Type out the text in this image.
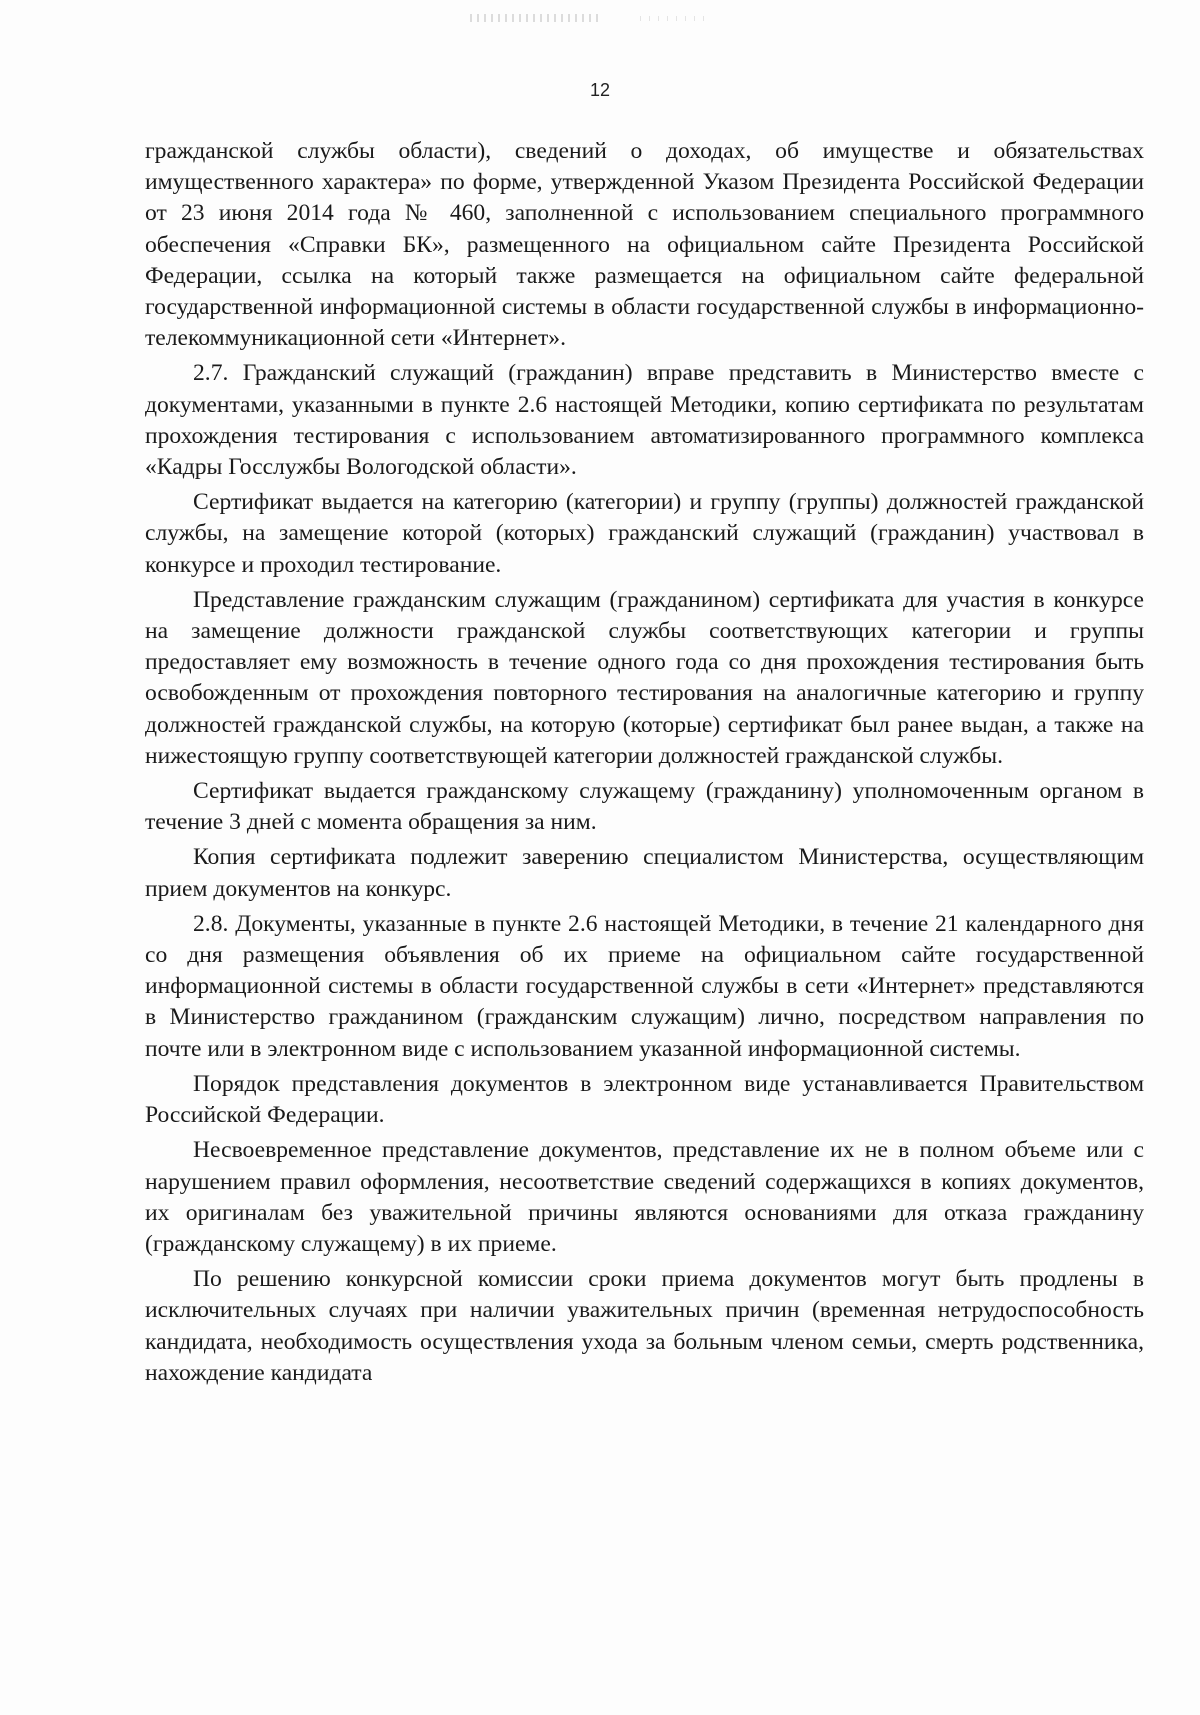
12

гражданской службы области), сведений о доходах, об имуществе и обязательствах имущественного характера» по форме, утвержденной Указом Президента Российской Федерации от 23 июня 2014 года № 460, заполненной с использованием специального программного обеспечения «Справки БК», размещенного на официальном сайте Президента Российской Федерации, ссылка на который также размещается на официальном сайте федеральной государственной информационной системы в области государственной службы в информационно-телекоммуникационной сети «Интернет».

2.7. Гражданский служащий (гражданин) вправе представить в Министерство вместе с документами, указанными в пункте 2.6 настоящей Методики, копию сертификата по результатам прохождения тестирования с использованием автоматизированного программного комплекса «Кадры Госслужбы Вологодской области».

Сертификат выдается на категорию (категории) и группу (группы) должностей гражданской службы, на замещение которой (которых) гражданский служащий (гражданин) участвовал в конкурсе и проходил тестирование.

Представление гражданским служащим (гражданином) сертификата для участия в конкурсе на замещение должности гражданской службы соответствующих категории и группы предоставляет ему возможность в течение одного года со дня прохождения тестирования быть освобожденным от прохождения повторного тестирования на аналогичные категорию и группу должностей гражданской службы, на которую (которые) сертификат был ранее выдан, а также на нижестоящую группу соответствующей категории должностей гражданской службы.

Сертификат выдается гражданскому служащему (гражданину) уполномоченным органом в течение 3 дней с момента обращения за ним.

Копия сертификата подлежит заверению специалистом Министерства, осуществляющим прием документов на конкурс.

2.8. Документы, указанные в пункте 2.6 настоящей Методики, в течение 21 календарного дня со дня размещения объявления об их приеме на официальном сайте государственной информационной системы в области государственной службы в сети «Интернет» представляются в Министерство гражданином (гражданским служащим) лично, посредством направления по почте или в электронном виде с использованием указанной информационной системы.

Порядок представления документов в электронном виде устанавливается Правительством Российской Федерации.

Несвоевременное представление документов, представление их не в полном объеме или с нарушением правил оформления, несоответствие сведений содержащихся в копиях документов, их оригиналам без уважительной причины являются основаниями для отказа гражданину (гражданскому служащему) в их приеме.

По решению конкурсной комиссии сроки приема документов могут быть продлены в исключительных случаях при наличии уважительных причин (временная нетрудоспособность кандидата, необходимость осуществления ухода за больным членом семьи, смерть родственника, нахождение кандидата
